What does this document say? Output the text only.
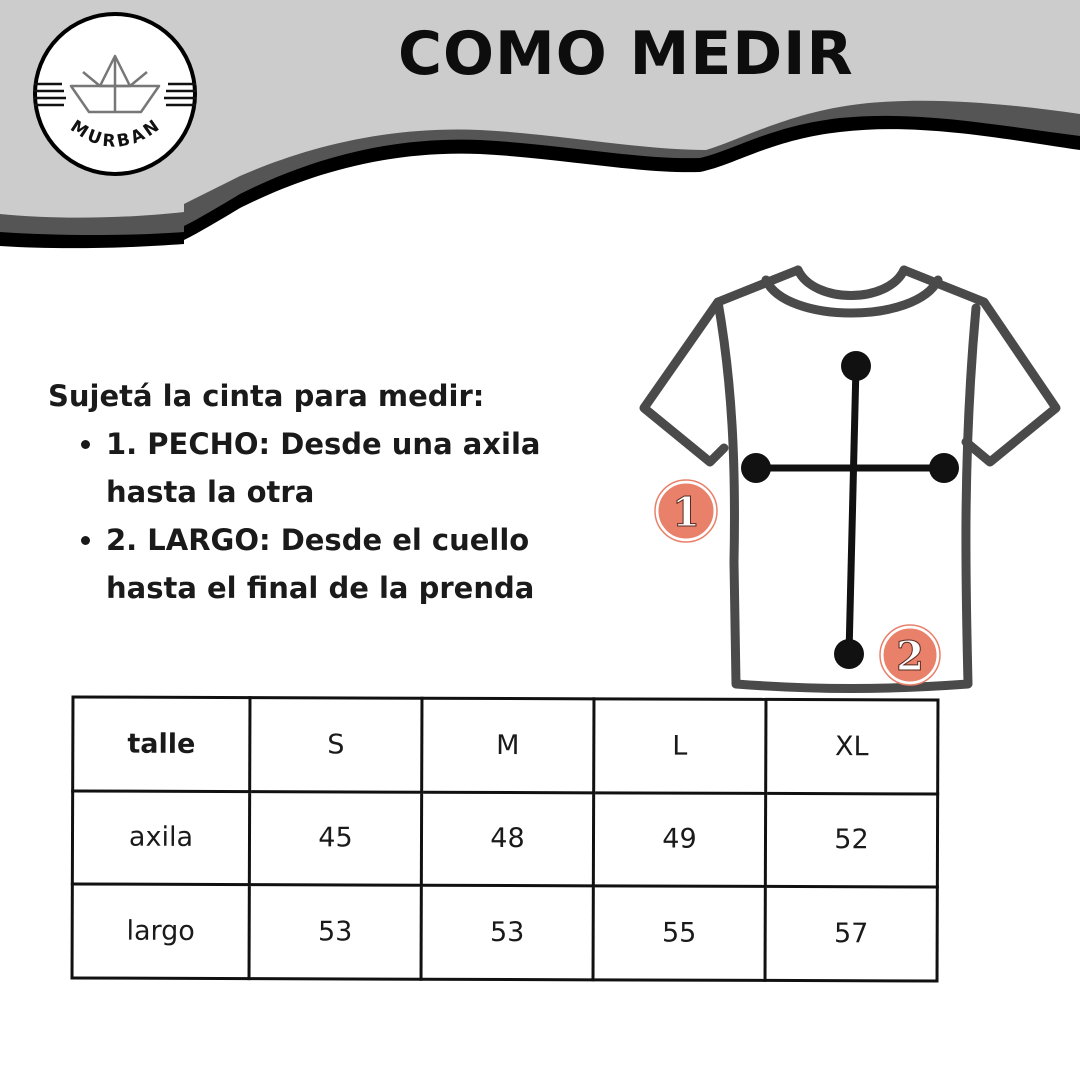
MURBAN
COMO MEDIR

Sujetá la cinta para medir:

• 1. PECHO: Desde una axila hasta la otra
• 2. LARGO: Desde el cuello hasta el final de la prenda
1
2
talle	S	M	L	XL
axila	45	48	49	52
largo	53	53	55	57
